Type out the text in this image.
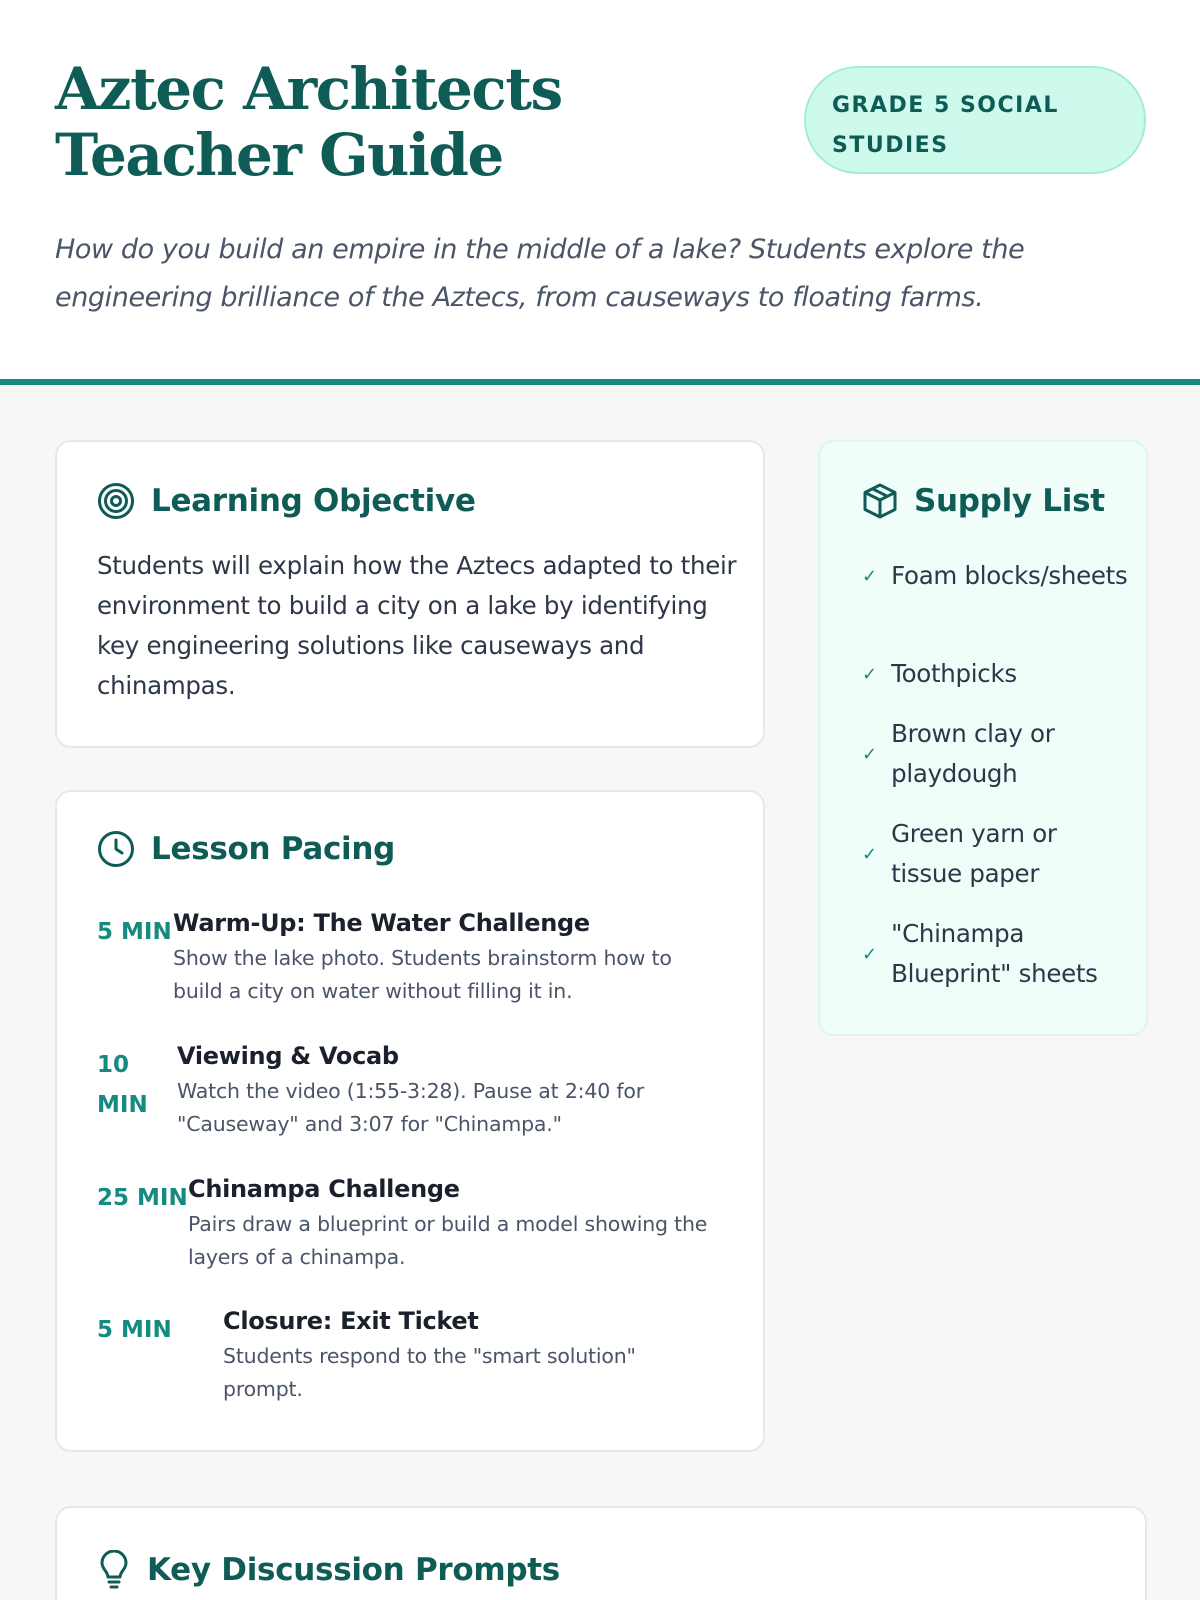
Aztec Architects Teacher Guide
GRADE 5 SOCIAL STUDIES

How do you build an empire in the middle of a lake? Students explore the engineering brilliance of the Aztecs, from causeways to floating farms.

Learning Objective

Students will explain how the Aztecs adapted to their environment to build a city on a lake by identifying key engineering solutions like causeways and chinampas.

Lesson Pacing
5 MIN Warm-Up: The Water Challenge
Show the lake photo. Students brainstorm how to build a city on water without filling it in.
10 MIN
Viewing & Vocab
Watch the video (1:55-3:28). Pause at 2:40 for "Causeway" and 3:07 for "Chinampa."
25 MIN Chinampa Challenge
Pairs draw a blueprint or build a model showing the layers of a chinampa.
5 MIN Closure: Exit Ticket
Students respond to the "smart solution" prompt.
Supply List
✓ Foam blocks/sheets
✓ Toothpicks
✓
Brown clay or playdough
✓
Green yarn or tissue paper
✓
"Chinampa Blueprint" sheets
Key Discussion Prompts
